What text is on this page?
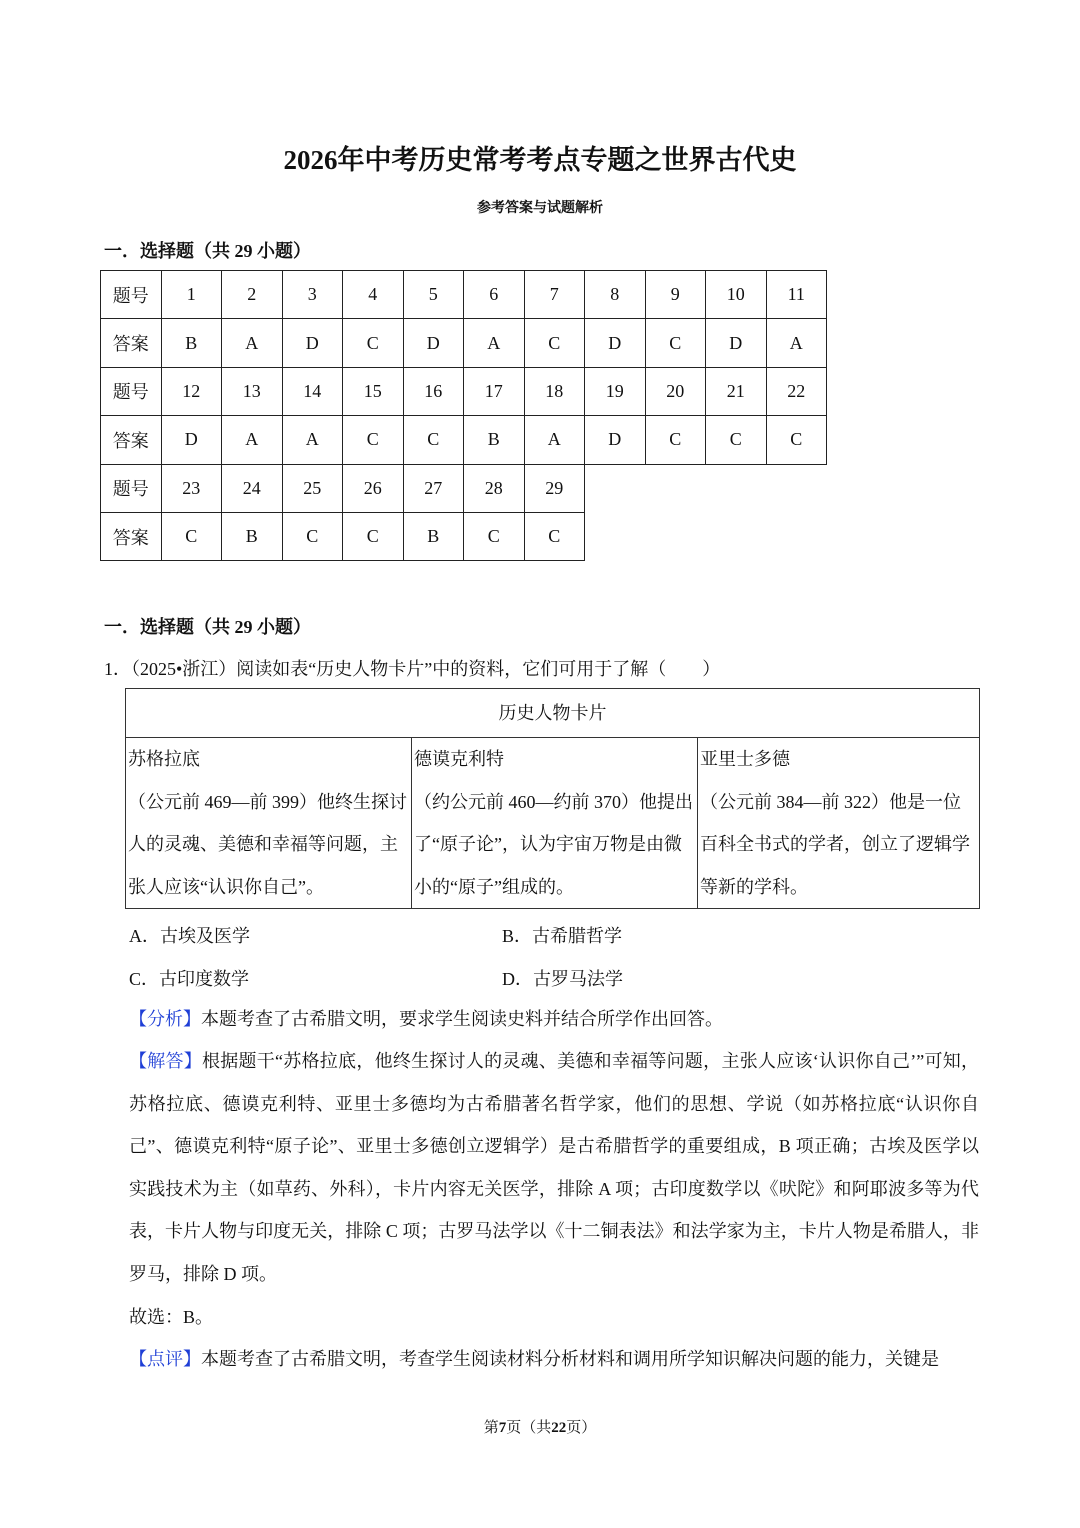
2026年中考历史常考考点专题之世界古代史
参考答案与试题解析
一．选择题（共 29 小题）
题号	1	2	3	4	5	6	7	8	9	10	11
答案	B	A	D	C	D	A	C	D	C	D	A
题号	12	13	14	15	16	17	18	19	20	21	22
答案	D	A	A	C	C	B	A	D	C	C	C
题号	23	24	25	26	27	28	29				
答案	C	B	C	C	B	C	C				
一．选择题（共 29 小题）
1．（2025•浙江）阅读如表“历史人物卡片”中的资料，它们可用于了解（　　）
历史人物卡片

苏格拉底
（公元前 469—前 399）他终生探讨人的灵魂、美德和幸福等问题，主张人应该“认识你自己”。

德谟克利特
（约公元前 460—约前 370）他提出了“原子论”，认为宇宙万物是由微小的“原子”组成的。

亚里士多德
（公元前 384—前 322）他是一位百科全书式的学者，创立了逻辑学等新的学科。
A．古埃及医学	B．古希腊哲学
C．古印度数学	D．古罗马法学
【分析】本题考查了古希腊文明，要求学生阅读史料并结合所学作出回答。
【解答】根据题干“苏格拉底，他终生探讨人的灵魂、美德和幸福等问题，主张人应该‘认识你自己’”可知，苏格拉底、德谟克利特、亚里士多德均为古希腊著名哲学家，他们的思想、学说（如苏格拉底“认识你自己”、德谟克利特“原子论”、亚里士多德创立逻辑学）是古希腊哲学的重要组成，B 项正确；古埃及医学以实践技术为主（如草药、外科），卡片内容无关医学，排除 A 项；古印度数学以《吠陀》和阿耶波多等为代表，卡片人物与印度无关，排除 C 项；古罗马法学以《十二铜表法》和法学家为主，卡片人物是希腊人，非罗马，排除 D 项。
故选：B。
【点评】本题考查了古希腊文明，考查学生阅读材料分析材料和调用所学知识解决问题的能力，关键是
第7页（共22页）
